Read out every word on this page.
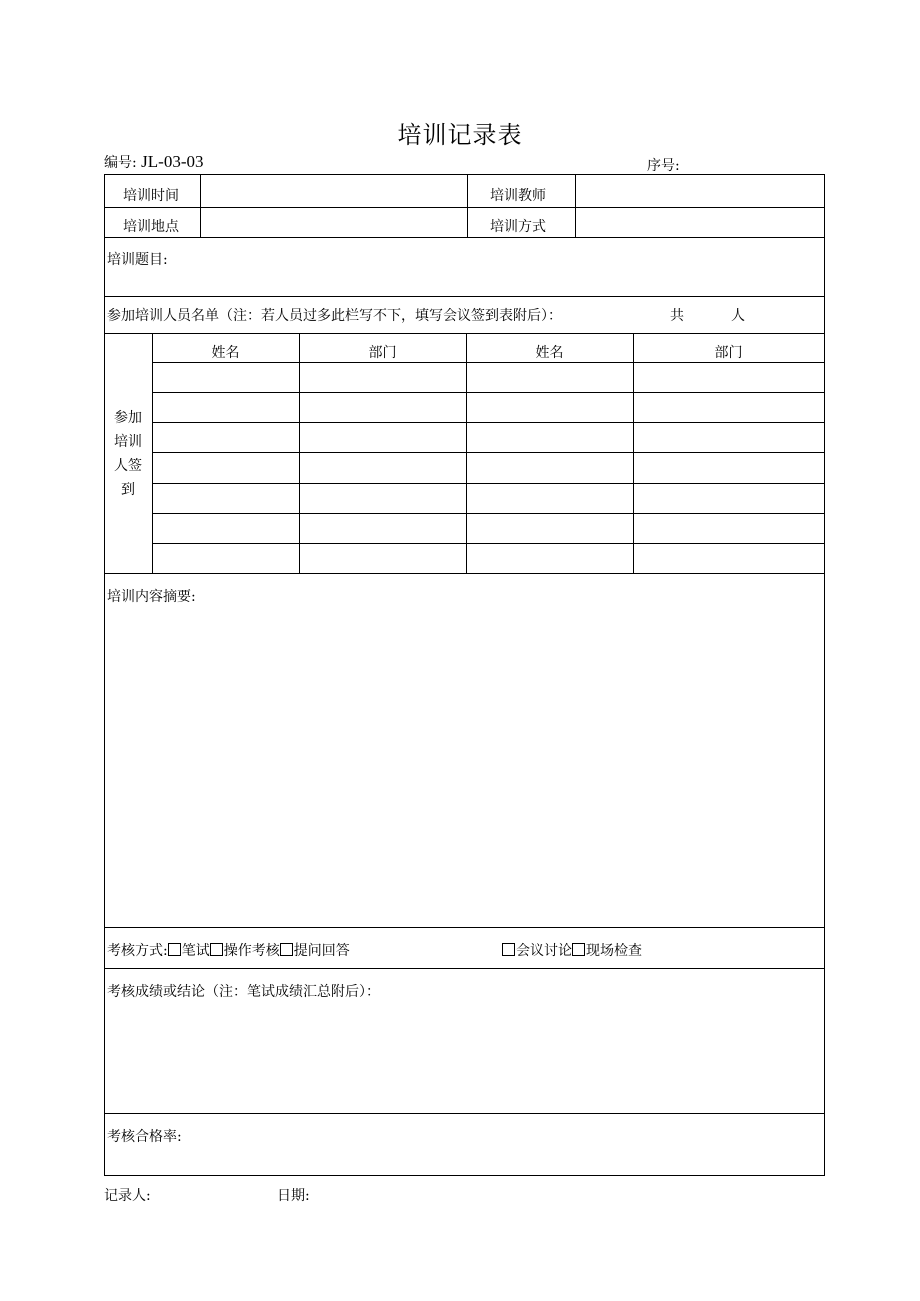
培训记录表
编号: JL-03-03	序号:
培训时间	培训教师
培训地点	培训方式
培训题目:
参加培训人员名单（注：若人员过多此栏写不下，填写会议签到表附后）：	共	人
参加
培训
人签
到
姓名	部门	姓名	部门
培训内容摘要:
考核方式: 笔试 操作考核 提问回答	会议讨论 现场检查
考核成绩或结论（注：笔试成绩汇总附后）：
考核合格率:
记录人:	日期:
